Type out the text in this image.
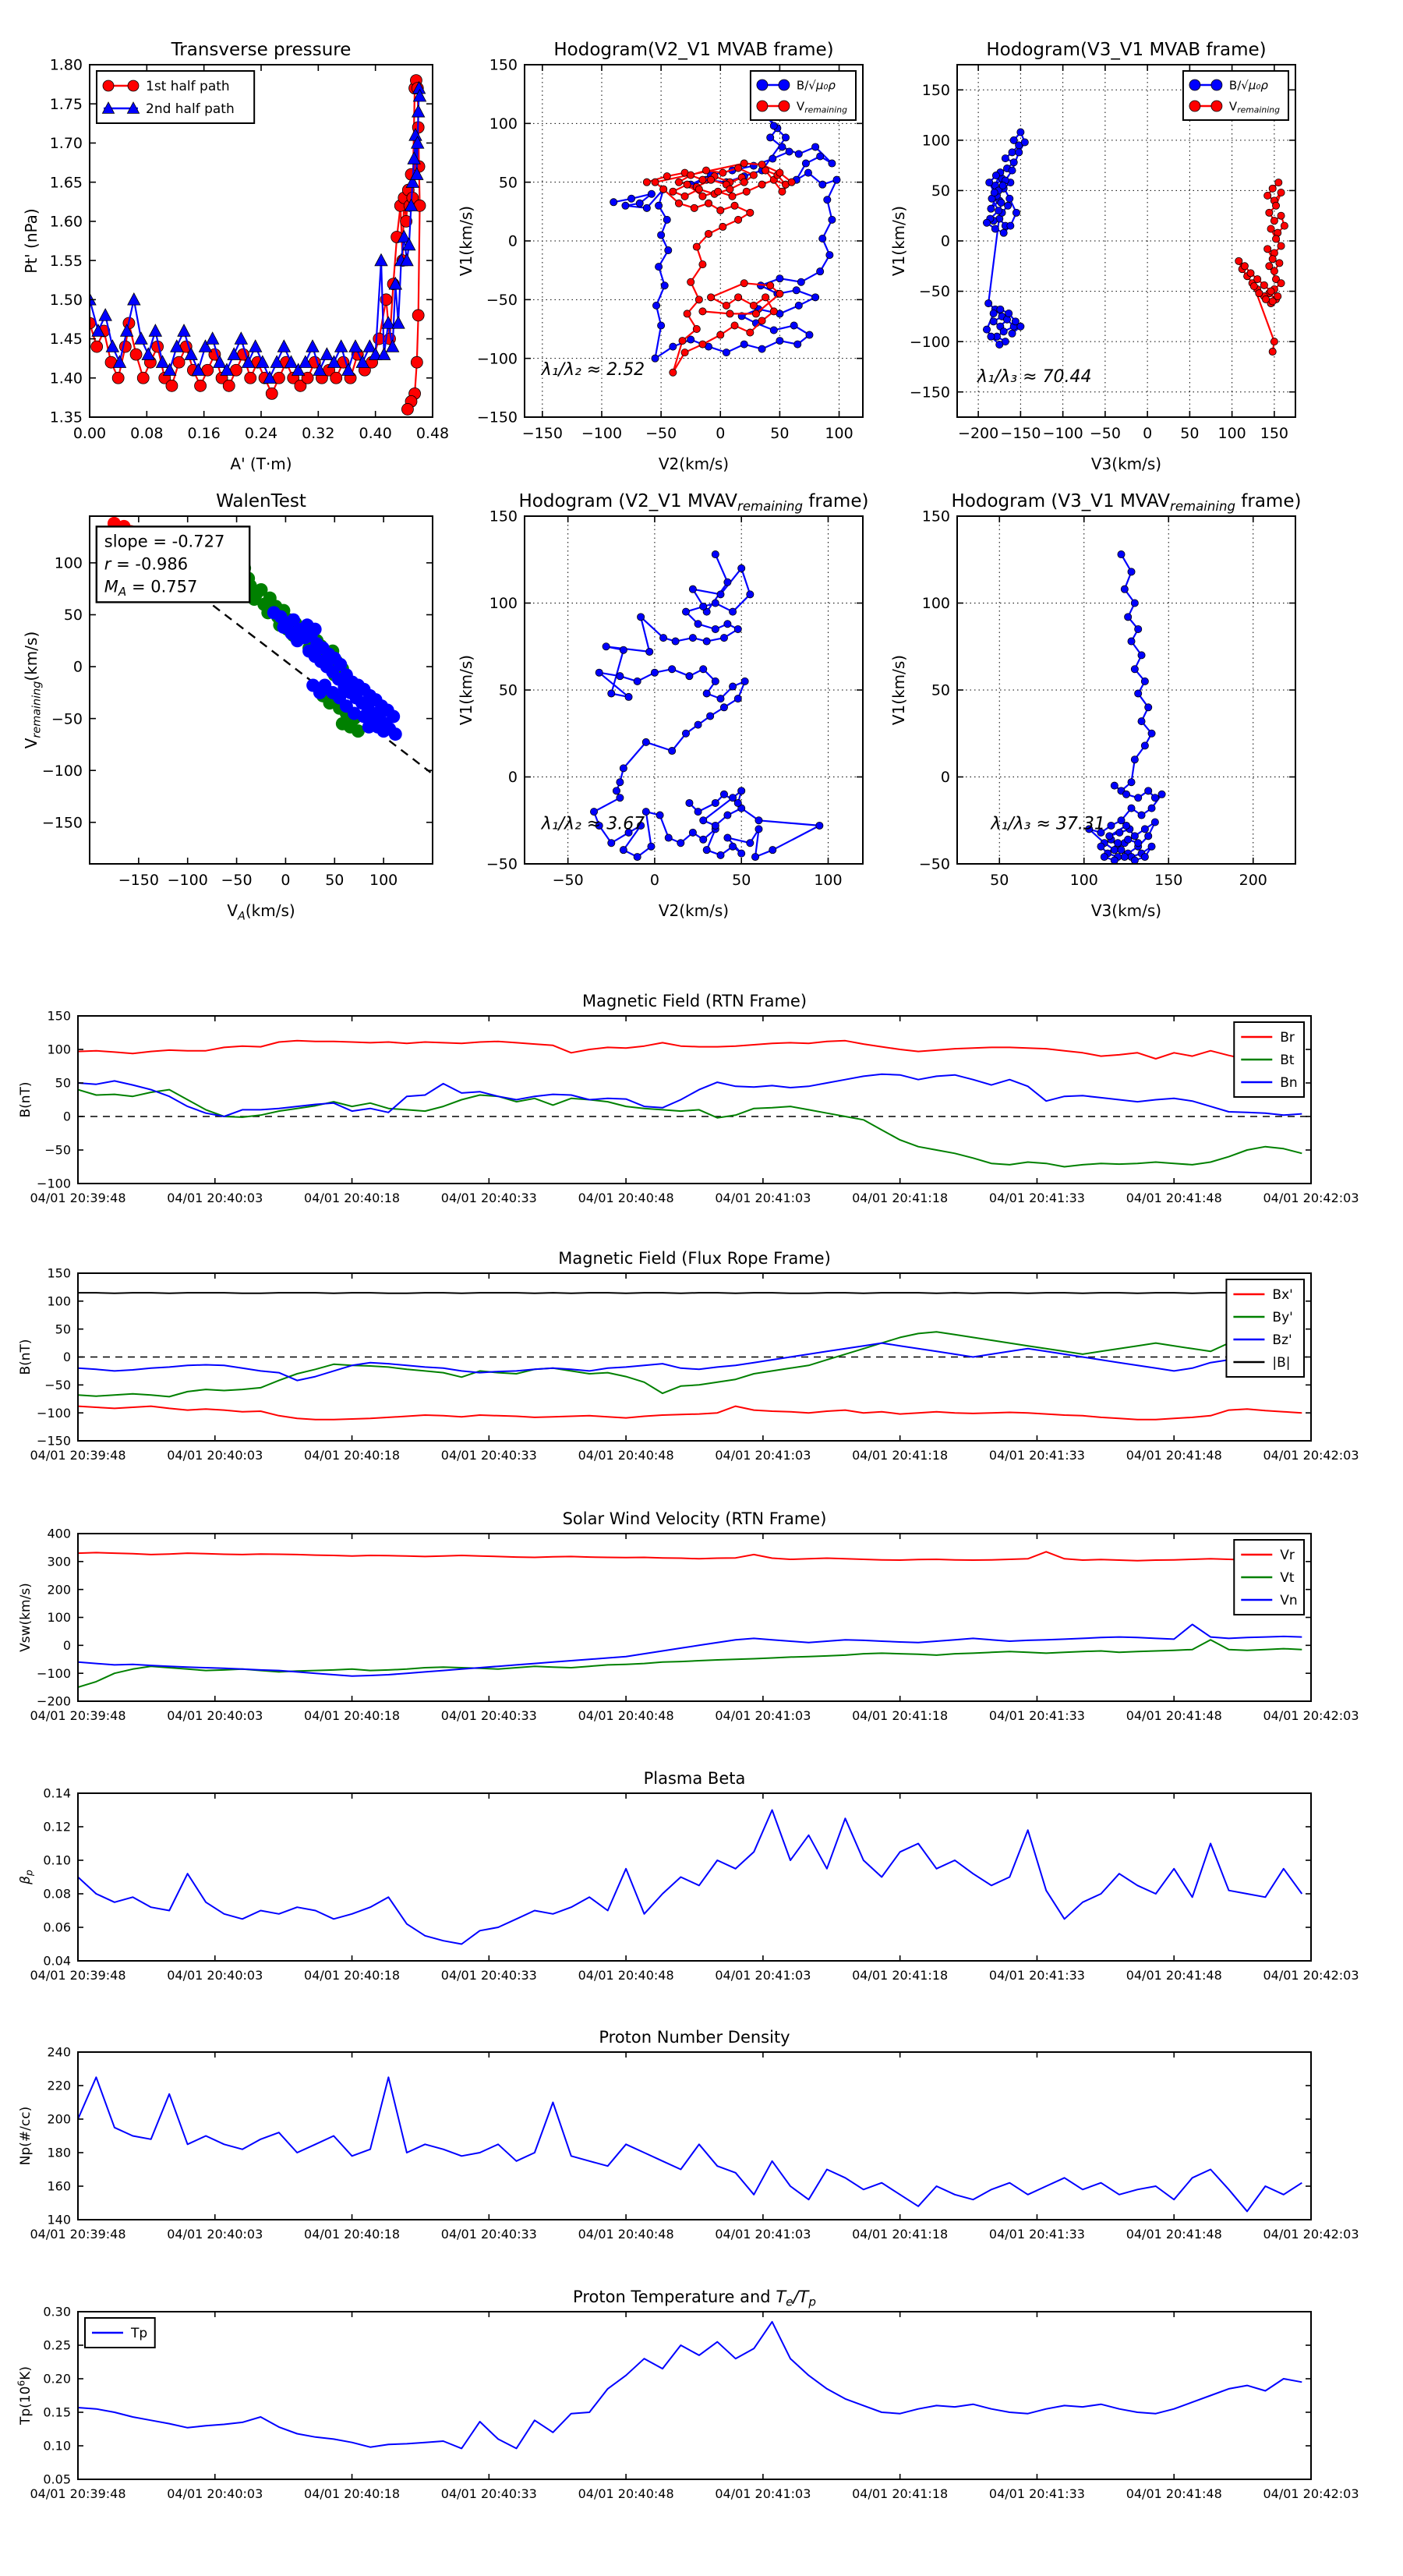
0.00 0.08 0.16 0.24 0.32 0.40 0.48
1.35
1.40
1.45
1.50
1.55
1.60
1.65
1.70
1.75
1.80
A' (T·m)
Pt' (nPa)
Transverse pressure
1st half path
2nd half path
−150 −100 −50	0	50 100
−150
−100
−50
0
50
100
150
V2(km/s)
V1(km/s)
Hodogram(V2_V1 MVAB frame)
B/√μ₀ρ
$V_{remaining}$
λ₁/λ₂ ≈ 2.52
−200 −150 −100 −50 0 50 100 150
−150
−100
−50
0
50
100
150
V3(km/s)
V1(km/s)
Hodogram(V3_V1 MVAB frame)
B/√μ₀ρ
$V_{remaining}$
λ₁/λ₃ ≈ 70.44
−150 −100 −50 0 50 100
−150
−100
−50
0
50
100
$V_A(km/s)$
$V_{remaining}(km/s)$
WalenTest
slope = -0.727
r = -0.986
$M_A = 0.757$
−50	0	50	100
−50
0
50
100
150
V2(km/s)
V1(km/s)
Hodogram (V2_V1 $MVAV_{remaining}$ frame)
λ₁/λ₂ ≈ 3.67
50	100	150	200
−50
0
50
100
150
V3(km/s)
V1(km/s)
Hodogram (V3_V1 $MVAV_{remaining}$ frame)
λ₁/λ₃ ≈ 37.31
04/01 20:39:48	04/01 20:40:03	04/01 20:40:18	04/01 20:40:33	04/01 20:40:48	04/01 20:41:03	04/01 20:41:18	04/01 20:41:33	04/01 20:41:48	04/01 20:42:03
−100
−50
0
50
100
150
B(nT)
Magnetic Field (RTN Frame)
Br
Bt
Bn
04/01 20:39:48	04/01 20:40:03	04/01 20:40:18	04/01 20:40:33	04/01 20:40:48	04/01 20:41:03	04/01 20:41:18	04/01 20:41:33	04/01 20:41:48	04/01 20:42:03
−150
−100
−50
0
50
100
150
B(nT)
Magnetic Field (Flux Rope Frame)
Bx'
By'
Bz'
|B|
04/01 20:39:48	04/01 20:40:03	04/01 20:40:18	04/01 20:40:33	04/01 20:40:48	04/01 20:41:03	04/01 20:41:18	04/01 20:41:33	04/01 20:41:48	04/01 20:42:03
−200
−100
0
100
200
300
400
Vsw(km/s)
Solar Wind Velocity (RTN Frame)
Vr
Vt
Vn
04/01 20:39:48	04/01 20:40:03	04/01 20:40:18	04/01 20:40:33	04/01 20:40:48	04/01 20:41:03	04/01 20:41:18	04/01 20:41:33	04/01 20:41:48	04/01 20:42:03
0.04
0.06
0.08
0.10
0.12
0.14
$\beta_p$
Plasma Beta
04/01 20:39:48	04/01 20:40:03	04/01 20:40:18	04/01 20:40:33	04/01 20:40:48	04/01 20:41:03	04/01 20:41:18	04/01 20:41:33	04/01 20:41:48	04/01 20:42:03
140
160
180
200
220
240
Np(#/cc)
Proton Number Density
04/01 20:39:48	04/01 20:40:03	04/01 20:40:18	04/01 20:40:33	04/01 20:40:48	04/01 20:41:03	04/01 20:41:18	04/01 20:41:33	04/01 20:41:48	04/01 20:42:03
0.05
0.10
0.15
0.20
0.25
0.30
$Tp(10^6K)$
Proton Temperature and $T_e/T_p$
Tp
